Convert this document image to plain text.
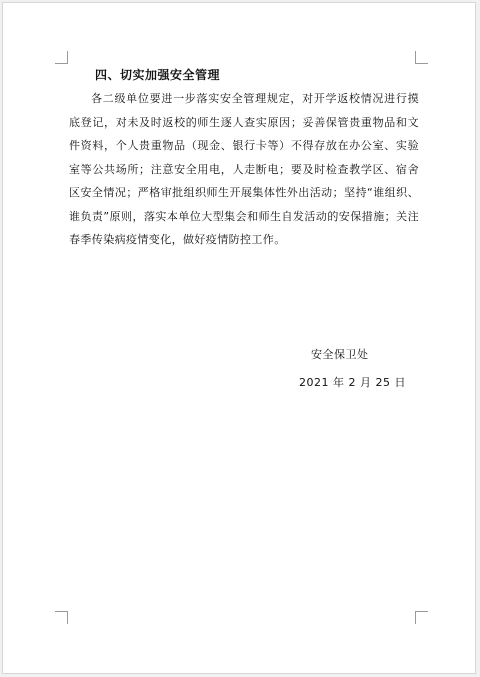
四、切实加强安全管理

各二级单位要进一步落实安全管理规定，对开学返校情况进行摸底登记，对未及时返校的师生逐人查实原因；妥善保管贵重物品和文件资料，个人贵重物品（现金、银行卡等）不得存放在办公室、实验室等公共场所；注意安全用电，人走断电；要及时检查教学区、宿舍区安全情况；严格审批组织师生开展集体性外出活动；坚持“谁组织、谁负责”原则，落实本单位大型集会和师生自发活动的安保措施；关注春季传染病疫情变化，做好疫情防控工作。

安全保卫处
2021 年 2 月 25 日
